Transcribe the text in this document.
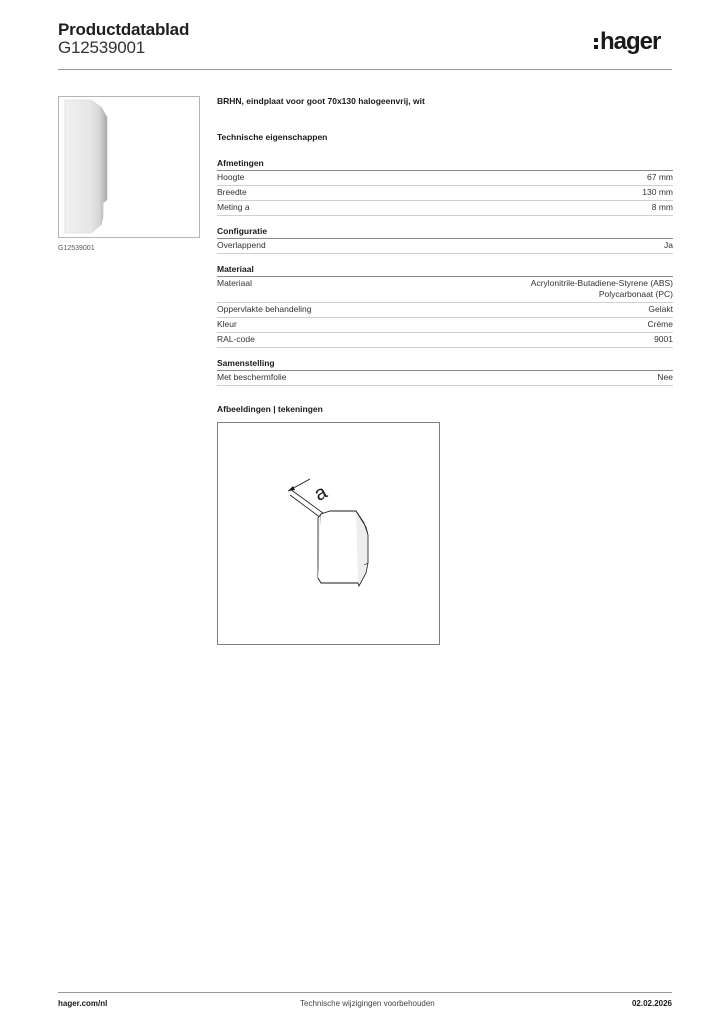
Productdatablad
G12539001	hager
G12539001
BRHN, eindplaat voor goot 70x130 halogeenvrij, wit
Technische eigenschappen
Afmetingen
Hoogte	67 mm
Breedte	130 mm
Meting a	8 mm
Configuratie
Overlappend	Ja
Materiaal
Materiaal	Acrylonitrile-Butadiene-Styrene (ABS)
Polycarbonaat (PC)
Oppervlakte behandeling	Gelakt
Kleur	Crème
RAL-code	9001
Samenstelling
Met beschermfolie	Nee
Afbeeldingen | tekeningen
a
hager.com/nl	Technische wijzigingen voorbehouden	02.02.2026
